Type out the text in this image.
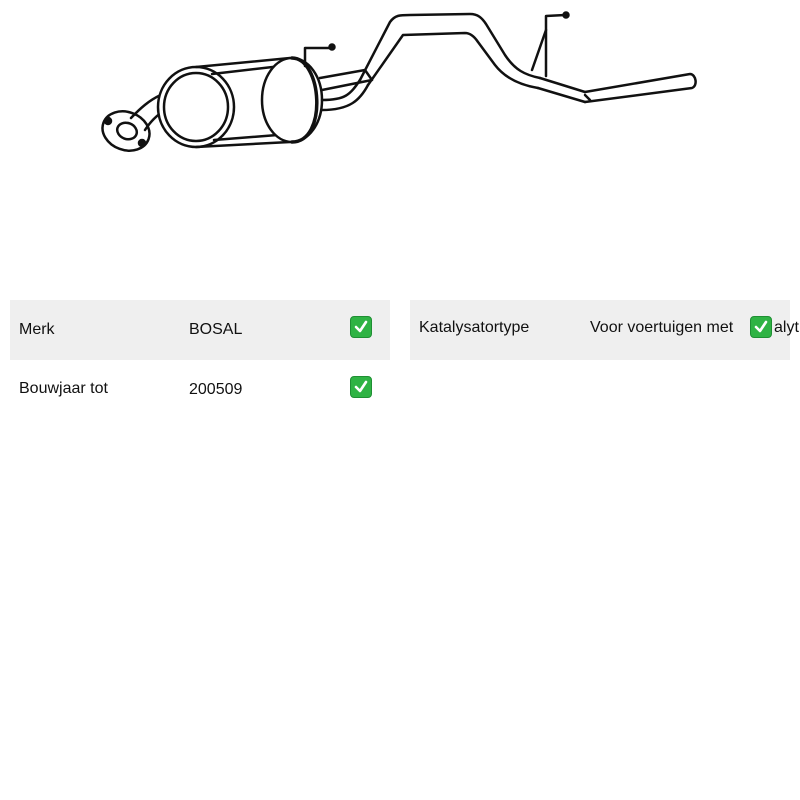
Merk	BOSAL
Bouwjaar tot	200509
Katalysatortype	Voor voertuigen met	alyt
